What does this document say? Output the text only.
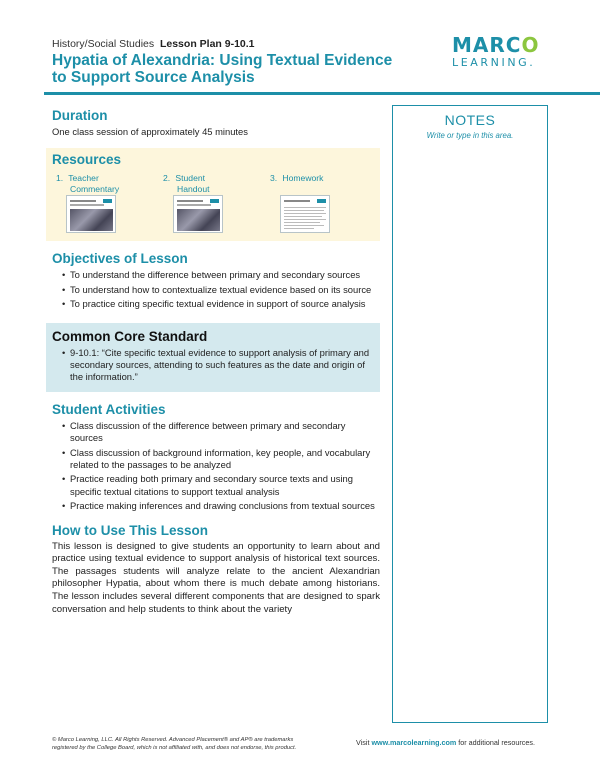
History/Social Studies Lesson Plan 9-10.1
Hypatia of Alexandria: Using Textual Evidence
to Support Source Analysis
MARCO
LEARNING.
Duration

One class session of approximately 45 minutes

Resources
1. Teacher
Commentary
2. Student
Handout
3. Homework
Objectives of Lesson
• To understand the difference between primary and secondary sources
• To understand how to contextualize textual evidence based on its source
• To practice citing specific textual evidence in support of source analysis
Common Core Standard
• 9-10.1: “Cite specific textual evidence to support analysis of primary and secondary sources, attending to such features as the date and origin of the information.”
Student Activities
• Class discussion of the difference between primary and secondary sources
• Class discussion of background information, key people, and vocabulary related to the passages to be analyzed
• Practice reading both primary and secondary source texts and using specific textual citations to support textual analysis
• Practice making inferences and drawing conclusions from textual sources
How to Use This Lesson

This lesson is designed to give students an opportunity to learn about and practice using textual evidence to support analysis of historical text sources. The passages students will analyze relate to the ancient Alexandrian philosopher Hypatia, about whom there is much debate among historians. The lesson includes several different components that are designed to spark conversation and help students to think about the variety

NOTES
Write or type in this area.
© Marco Learning, LLC. All Rights Reserved. Advanced Placement® and AP® are trademarks
registered by the College Board, which is not affiliated with, and does not endorse, this product.
Visit www.marcolearning.com for additional resources.
